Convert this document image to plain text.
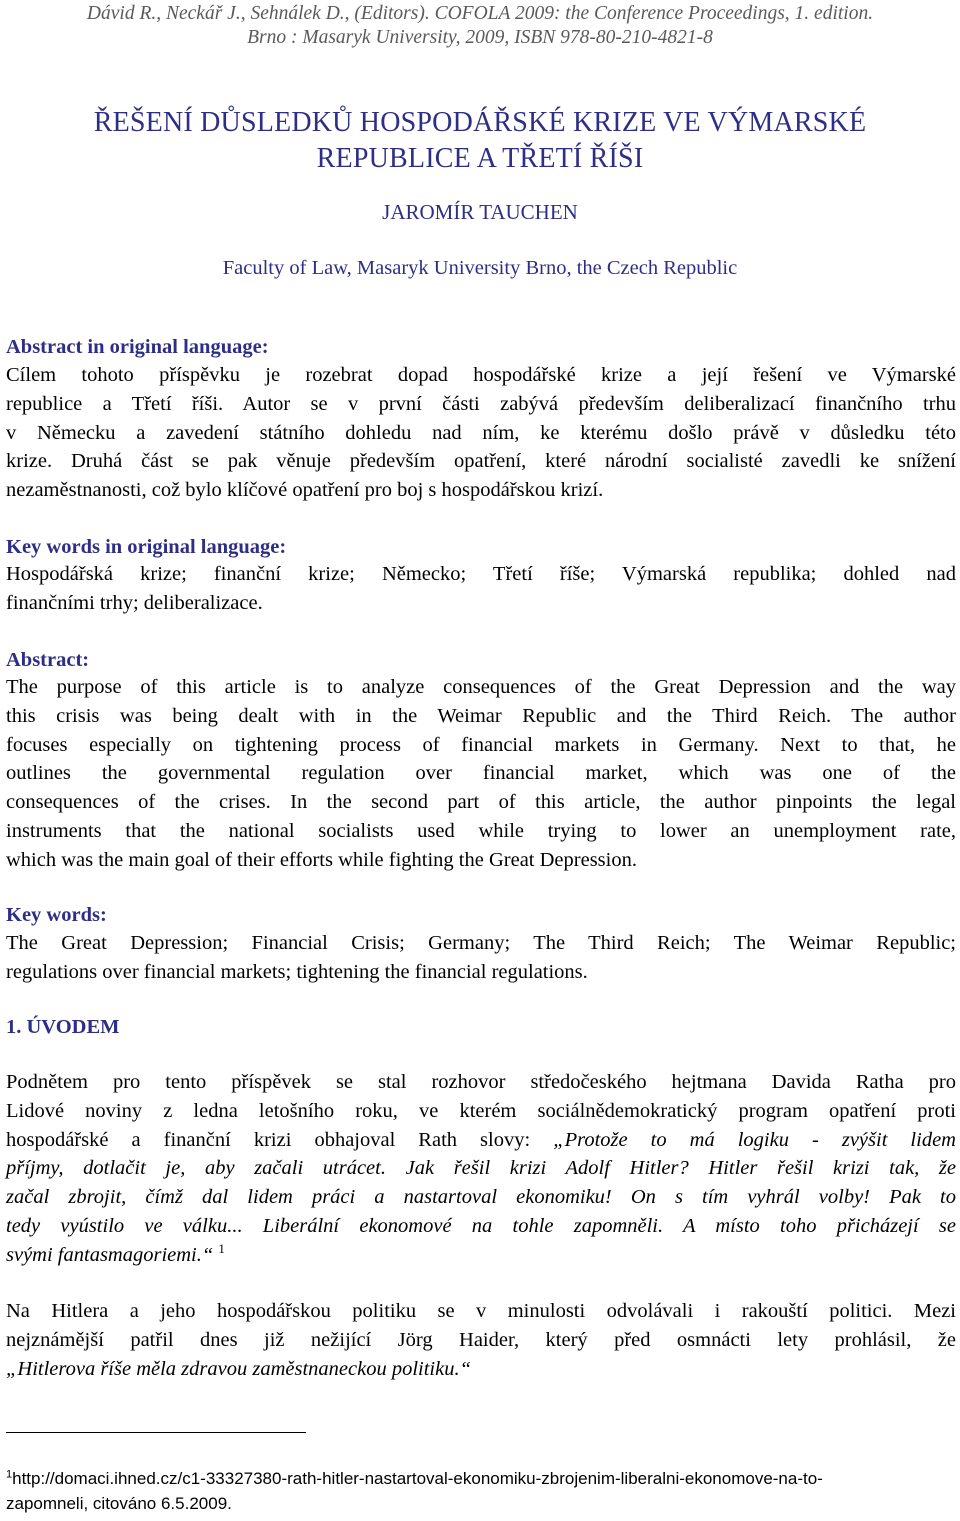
Dávid R., Neckář J., Sehnálek D., (Editors). COFOLA 2009: the Conference Proceedings, 1. edition.
Brno : Masaryk University, 2009, ISBN 978-80-210-4821-8
ŘEŠENÍ DŮSLEDKŮ HOSPODÁŘSKÉ KRIZE VE VÝMARSKÉ
REPUBLICE A TŘETÍ ŘÍŠI
JAROMÍR TAUCHEN
Faculty of Law, Masaryk University Brno, the Czech Republic
Abstract in original language:
Cílem tohoto příspěvku je rozebrat dopad hospodářské krize a její řešení ve Výmarské
republice a Třetí říši. Autor se v první části zabývá především deliberalizací finančního trhu
v Německu a zavedení státního dohledu nad ním, ke kterému došlo právě v důsledku této
krize. Druhá část se pak věnuje především opatření, které národní socialisté zavedli ke snížení
nezaměstnanosti, což bylo klíčové opatření pro boj s hospodářskou krizí.
Key words in original language:
Hospodářská krize; finanční krize; Německo; Třetí říše; Výmarská republika; dohled nad
finančními trhy; deliberalizace.
Abstract:
The purpose of this article is to analyze consequences of the Great Depression and the way
this crisis was being dealt with in the Weimar Republic and the Third Reich. The author
focuses especially on tightening process of financial markets in Germany. Next to that, he
outlines the governmental regulation over financial market, which was one of the
consequences of the crises. In the second part of this article, the author pinpoints the legal
instruments that the national socialists used while trying to lower an unemployment rate,
which was the main goal of their efforts while fighting the Great Depression.
Key words:
The Great Depression; Financial Crisis; Germany; The Third Reich; The Weimar Republic;
regulations over financial markets; tightening the financial regulations.
1. ÚVODEM
Podnětem pro tento příspěvek se stal rozhovor středočeského hejtmana Davida Ratha pro
Lidové noviny z ledna letošního roku, ve kterém sociálnědemokratický program opatření proti
hospodářské a finanční krizi obhajoval Rath slovy: „Protože to má logiku - zvýšit lidem
příjmy, dotlačit je, aby začali utrácet. Jak řešil krizi Adolf Hitler? Hitler řešil krizi tak, že
začal zbrojit, čímž dal lidem práci a nastartoval ekonomiku! On s tím vyhrál volby! Pak to
tedy vyústilo ve válku... Liberální ekonomové na tohle zapomněli. A místo toho přicházejí se
svými fantasmagoriemi.“ $^1$
Na Hitlera a jeho hospodářskou politiku se v minulosti odvolávali i rakouští politici. Mezi
nejznámější patřil dnes již nežijící Jörg Haider, který před osmnácti lety prohlásil, že
„Hitlerova říše měla zdravou zaměstnaneckou politiku.“
$^1$http://domaci.ihned.cz/c1-33327380-rath-hitler-nastartoval-ekonomiku-zbrojenim-liberalni-ekonomove-na-to-
zapomneli, citováno 6.5.2009.
